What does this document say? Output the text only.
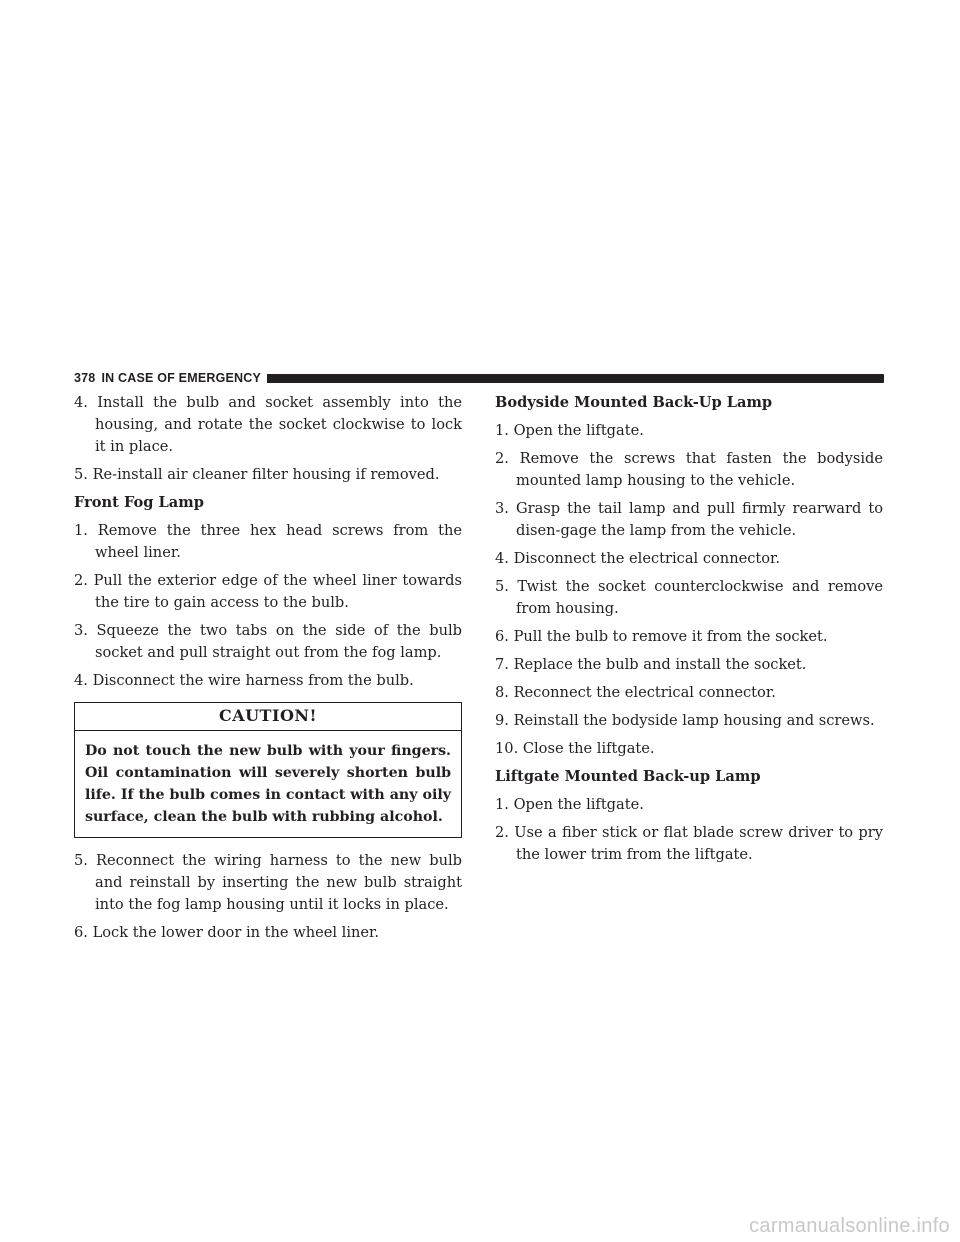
378 IN CASE OF EMERGENCY

4. Install the bulb and socket assembly into the housing, and rotate the socket clockwise to lock it in place.

5. Re-install air cleaner filter housing if removed.

Front Fog Lamp

1. Remove the three hex head screws from the wheel liner.

2. Pull the exterior edge of the wheel liner towards the tire to gain access to the bulb.

3. Squeeze the two tabs on the side of the bulb socket and pull straight out from the fog lamp.

4. Disconnect the wire harness from the bulb.

CAUTION!
Do not touch the new bulb with your fingers. Oil contamination will severely shorten bulb life. If the bulb comes in contact with any oily surface, clean the bulb with rubbing alcohol.

5. Reconnect the wiring harness to the new bulb and reinstall by inserting the new bulb straight into the fog lamp housing until it locks in place.

6. Lock the lower door in the wheel liner.

Bodyside Mounted Back-Up Lamp

1. Open the liftgate.

2. Remove the screws that fasten the bodyside mounted lamp housing to the vehicle.

3. Grasp the tail lamp and pull firmly rearward to disen-gage the lamp from the vehicle.

4. Disconnect the electrical connector.

5. Twist the socket counterclockwise and remove from housing.

6. Pull the bulb to remove it from the socket.

7. Replace the bulb and install the socket.

8. Reconnect the electrical connector.

9. Reinstall the bodyside lamp housing and screws.

10. Close the liftgate.

Liftgate Mounted Back-up Lamp

1. Open the liftgate.

2. Use a fiber stick or flat blade screw driver to pry the lower trim from the liftgate.

carmanualsonline.info
